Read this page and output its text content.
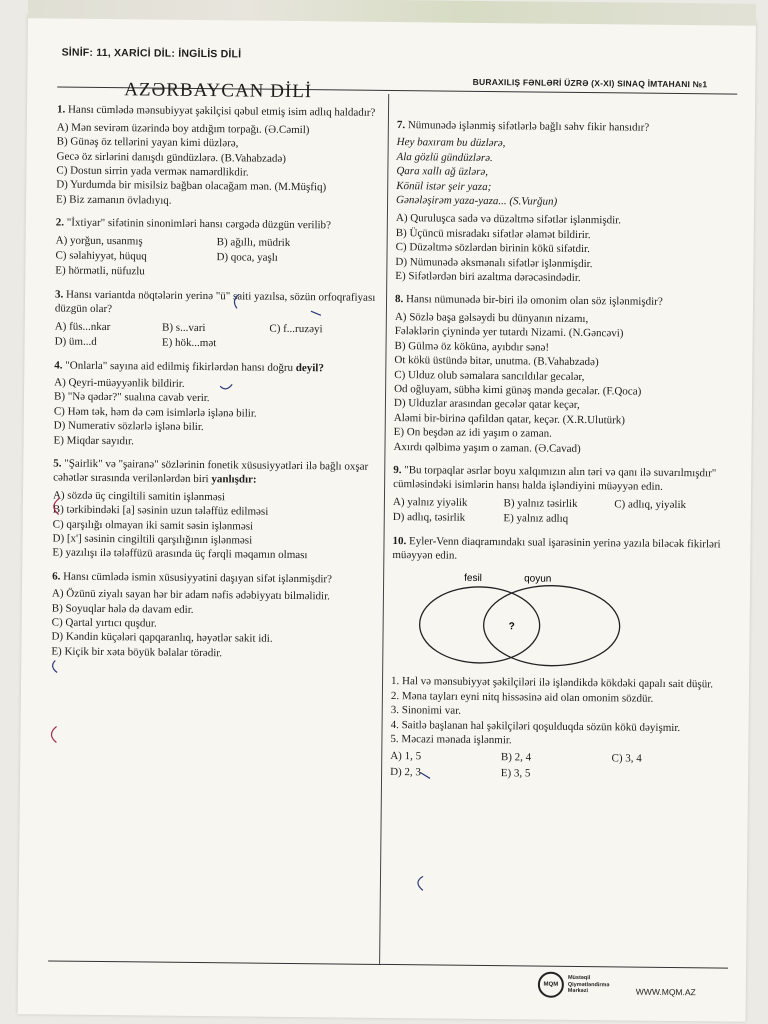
SİNİF: 11, XARİCİ DİL: İNGİLİS DİLİ
BURAXILIŞ FƏNLƏRİ ÜZRƏ (X-XI) SINAQ İMTAHANI №1
AZƏRBAYCAN DİLİ

1. Hansı cümlədə mənsubiyyət şəkilçisi qəbul etmiş isim adlıq haldadır?

A) Mən sevirəm üzərində boy atdığım torpağı. (Ə.Cəmil)

B) Günəş öz tellərini yayan kimi düzlərə,

Gecə öz sirlərini danışdı gündüzlərə. (B.Vahabzadə)

C) Dostun sirrin yada verməк namərdlikdir.

D) Yurdumda bir misilsiz bağban olacağam mən. (M.Müşfiq)

E) Biz zamanın övladıyıq.

2. "İxtiyar" sifətinin sinonimləri hansı cərgədə düzgün verilib?

A) yorğun, usanmış	B) ağıllı, müdrik

C) səlahiyyət, hüquq	D) qoca, yaşlı

E) hörmətli, nüfuzlu

3. Hansı variantda nöqtələrin yerinə "ü" saiti yazılsa, sözün orfoqrafiyası düzgün olar?

A) füs...nkar	B) s...vari	C) f...ruzəyi

D) üm...d	E) hök...mət

4. "Onlarla" sayına aid edilmiş fikirlərdən hansı doğru deyil?

A) Qeyri-müəyyənlik bildirir.

B) "Nə qədər?" sualına cavab verir.

C) Həm tək, həm də cəm isimlərlə işlənə bilir.

D) Numerativ sözlərlə işlənə bilir.

E) Miqdar sayıdır.

5. "Şairlik" və "şairanə" sözlərinin fonetik xüsusiyyətləri ilə bağlı oxşar cəhətlər sırasında verilənlərdən biri yanlışdır:

A) sözdə üç cingiltili samitin işlənməsi

B) tərkibindəki [a] səsinin uzun tələffüz edilməsi

C) qarşılığı olmayan iki samit səsin işlənməsi

D) [x'] səsinin cingiltili qarşılığının işlənməsi

E) yazılışı ilə tələffüzü arasında üç fərqli məqamın olması

6. Hansı cümlədə ismin xüsusiyyətini daşıyan sifət işlənmişdir?

A) Özünü ziyalı sayan hər bir adam nəfis ədəbiyyatı bilməlidir.

B) Soyuqlar hələ də davam edir.

C) Qartal yırtıcı quşdur.

D) Kəndin küçələri qapqaranlıq, həyətlər sakit idi.

E) Kiçik bir xəta böyük bəlalar törədir.

7. Nümunədə işlənmiş sifətlərlə bağlı səhv fikir hansıdır?

Hey baxıram bu düzlərə,
Ala gözlü gündüzlərə.
Qara xallı ağ üzlərə,
Könül istər şeir yaza;
Gənələşirəm yaza-yaza... (S.Vurğun)

A) Quruluşca sadə və düzəltmə sifətlər işlənmişdir.

B) Üçüncü misradakı sifətlər əlamət bildirir.

C) Düzəltmə sözlərdən birinin kökü sifətdir.

D) Nümunədə əksmənalı sifətlər işlənmişdir.

E) Sifətlərdən biri azaltma dərəcəsindədir.

8. Hansı nümunədə bir-biri ilə omonim olan söz işlənmişdir?

A) Sözlə başa gəlsəydi bu dünyanın nizamı,

Fələklərin çiynində yer tutardı Nizami. (N.Gəncəvi)

B) Gülmə öz kökünə, ayıbdır sənə!

Ot kökü üstündə bitər, unutma. (B.Vahabzadə)

C) Ulduz olub səmalara sancıldılar gecələr,

Od oğluyam, sübhə kimi günəş məndə gecələr. (F.Qoca)

D) Ulduzlar arasından gecələr qatar keçər,

Aləmi bir-birinə qəfildən qatar, keçər. (X.R.Ulutürk)

E) On beşdən az idi yaşım o zaman.

Axırdı qəlbimə yaşım o zaman. (Ə.Cavad)

9. "Bu torpaqlar əsrlər boyu xalqımızın alın təri və qanı ilə suvarılmışdır" cümləsindəki isimlərin hansı halda işləndiyini müəyyən edin.

A) yalnız yiyəlik	B) yalnız təsirlik	C) adlıq, yiyəlik

D) adlıq, təsirlik	E) yalnız adlıq

10. Eyler-Venn diaqramındakı sual işarəsinin yerinə yazıla biləcək fikirləri müəyyən edin.

fesil	qoyun
?

1. Hal və mənsubiyyət şəkilçiləri ilə işləndikdə kökdəki qapalı sait düşür.

2. Məna tayları eyni nitq hissəsinə aid olan omonim sözdür.

3. Sinonimi var.

4. Saitlə başlanan hal şəkilçiləri qoşulduqda sözün kökü dəyişmir.

5. Məcazi mənada işlənmir.

A) 1, 5	B) 2, 4	C) 3, 4

D) 2, 3	E) 3, 5

MQM
Müstəqil
Qiymətləndirmə
Mərkəzi	WWW.MQM.AZ
